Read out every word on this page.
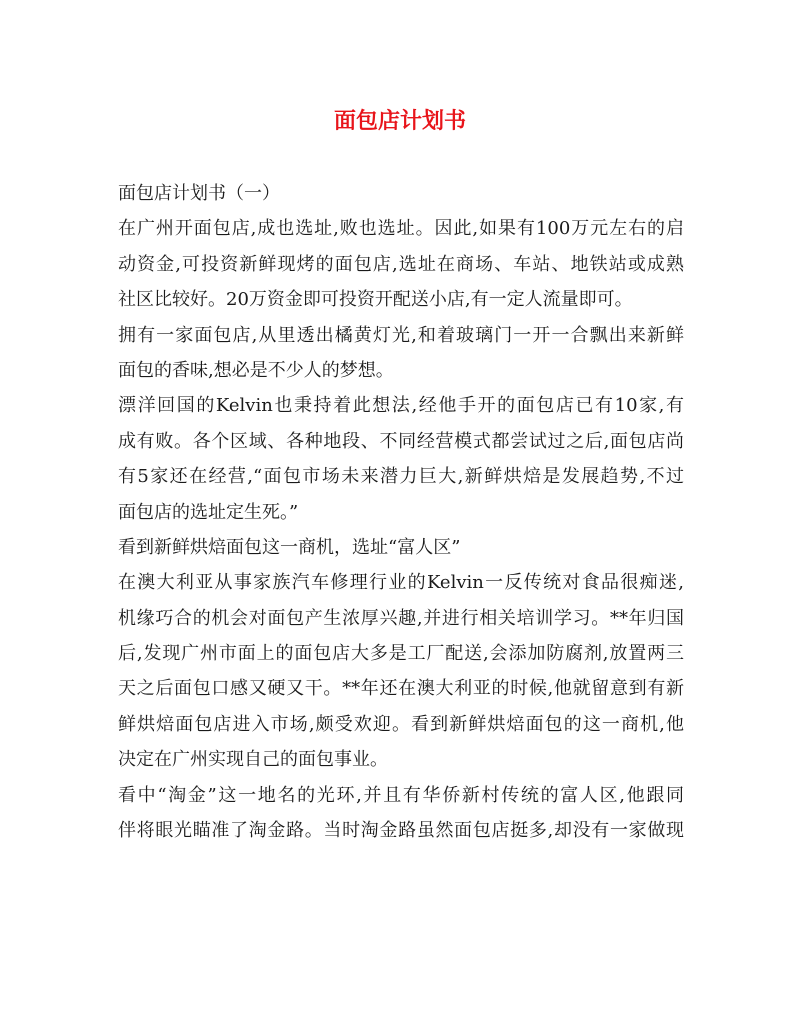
面包店计划书
面包店计划书（一）
在广州开面包店,成也选址,败也选址。因此,如果有100万元左右的启
动资金,可投资新鲜现烤的面包店,选址在商场、车站、地铁站或成熟
社区比较好。20万资金即可投资开配送小店,有一定人流量即可。
拥有一家面包店,从里透出橘黄灯光,和着玻璃门一开一合飘出来新鲜
面包的香味,想必是不少人的梦想。
漂洋回国的Kelvin也秉持着此想法,经他手开的面包店已有10家,有
成有败。各个区域、各种地段、不同经营模式都尝试过之后,面包店尚
有5家还在经营,“面包市场未来潜力巨大,新鲜烘焙是发展趋势,不过
面包店的选址定生死。”
看到新鲜烘焙面包这一商机，选址“富人区”
在澳大利亚从事家族汽车修理行业的Kelvin一反传统对食品很痴迷,
机缘巧合的机会对面包产生浓厚兴趣,并进行相关培训学习。**年归国
后,发现广州市面上的面包店大多是工厂配送,会添加防腐剂,放置两三
天之后面包口感又硬又干。**年还在澳大利亚的时候,他就留意到有新
鲜烘焙面包店进入市场,颇受欢迎。看到新鲜烘焙面包的这一商机,他
决定在广州实现自己的面包事业。
看中“淘金”这一地名的光环,并且有华侨新村传统的富人区,他跟同
伴将眼光瞄准了淘金路。当时淘金路虽然面包店挺多,却没有一家做现
